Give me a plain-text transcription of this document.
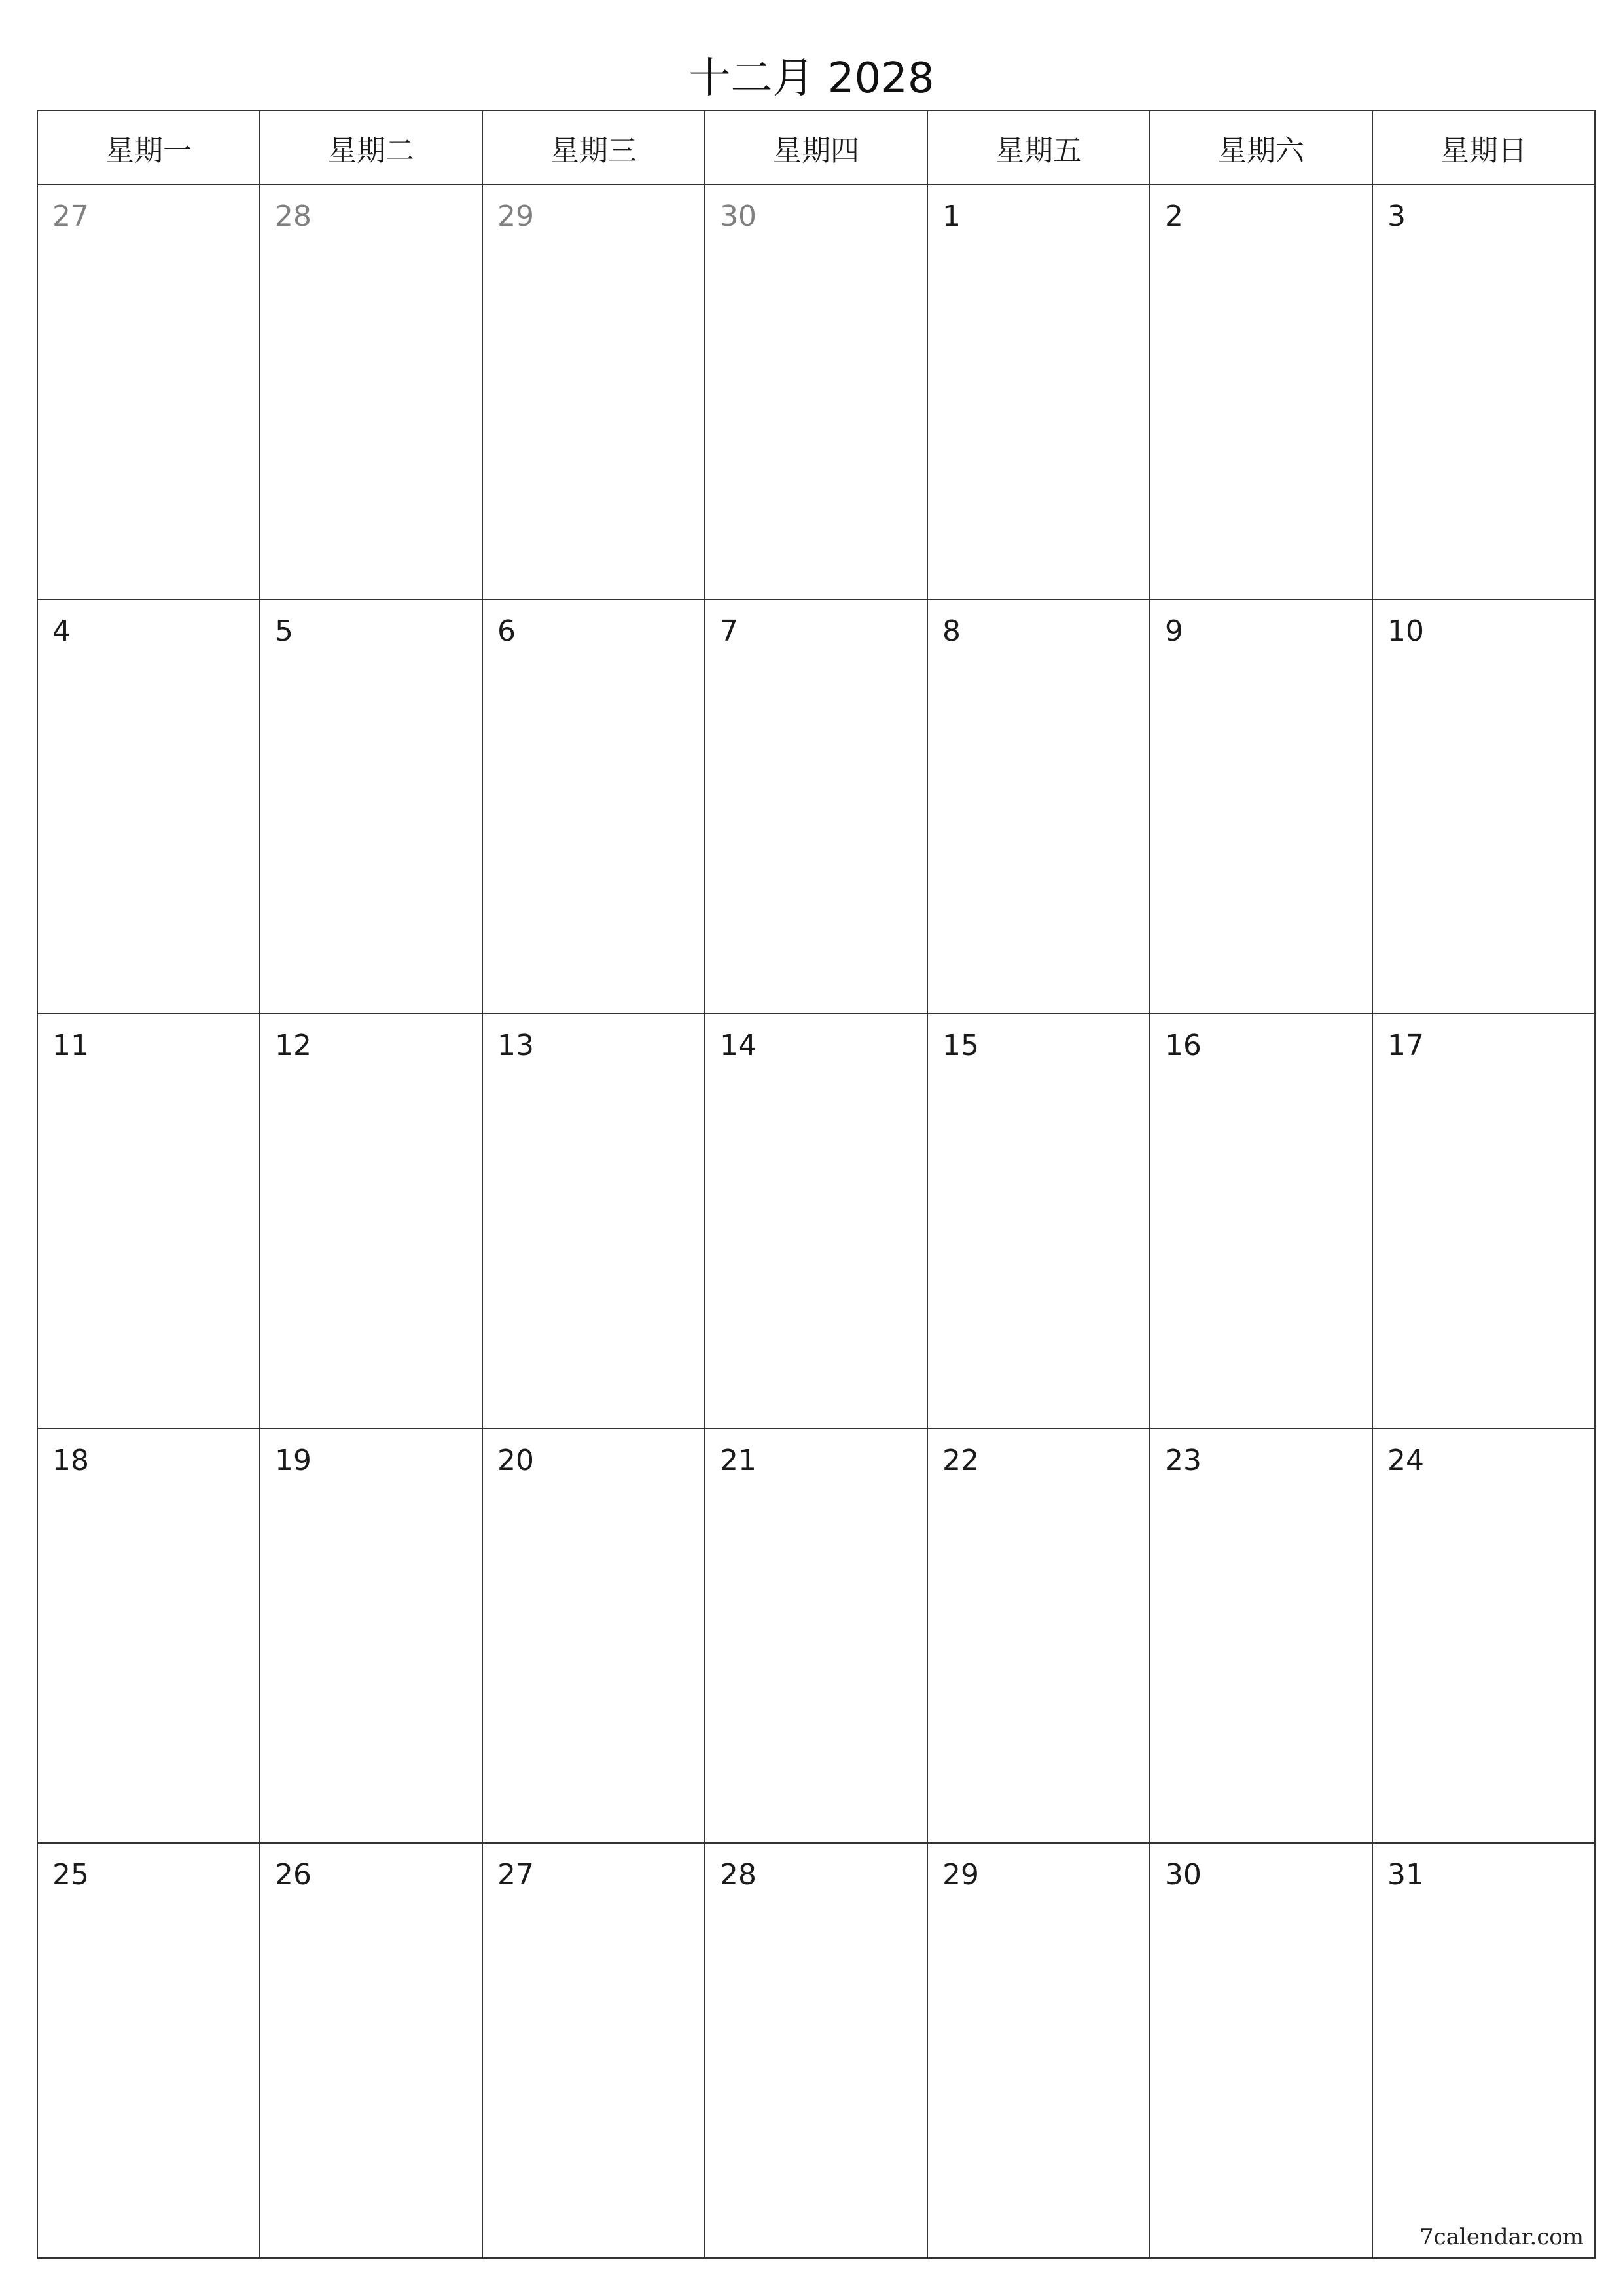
十二月 2028
星期一	星期二	星期三	星期四	星期五	星期六	星期日
27	28	29	30	1	2	3
4	5	6	7	8	9	10
11	12	13	14	15	16	17
18	19	20	21	22	23	24
25	26	27	28	29	30	31
7calendar.com
